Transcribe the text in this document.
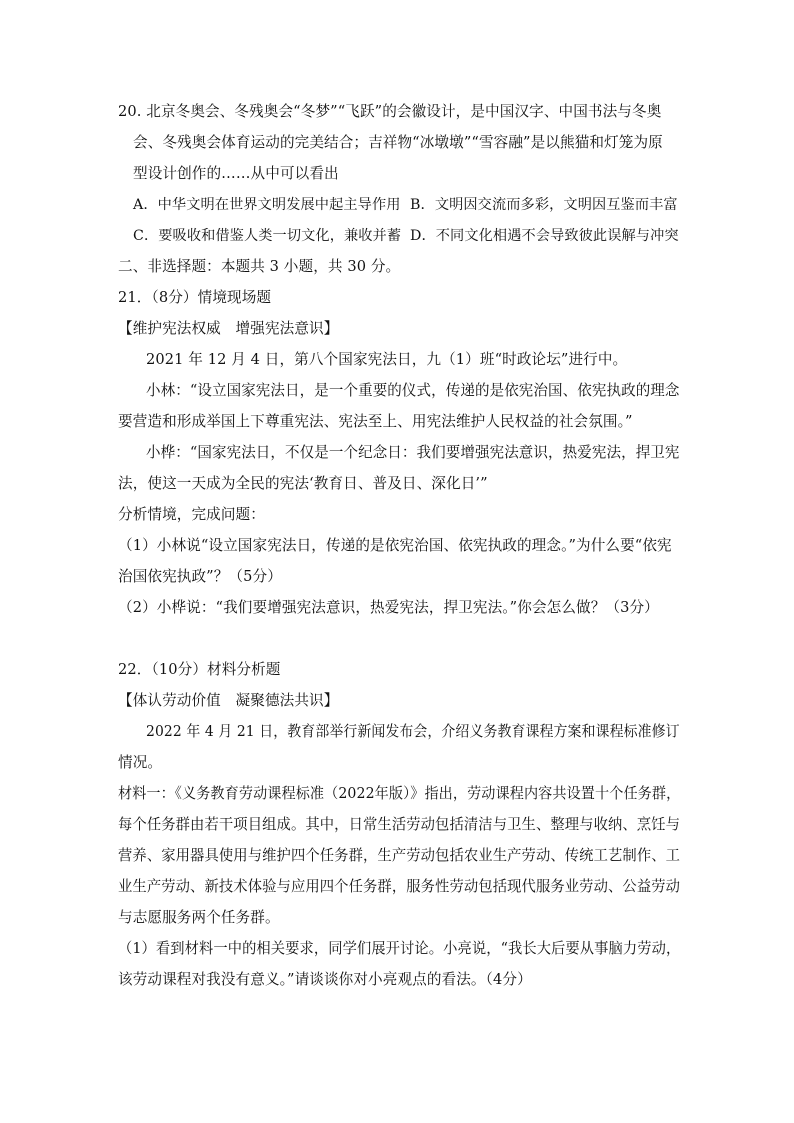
20. 北京冬奥会、冬残奥会“冬梦”“飞跃”的会徽设计，是中国汉字、中国书法与冬奥
会、冬残奥会体育运动的完美结合；吉祥物“冰墩墩”“雪容融”是以熊猫和灯笼为原
型设计创作的……从中可以看出
A．中华文明在世界文明发展中起主导作用 B．文明因交流而多彩，文明因互鉴而丰富
C．要吸收和借鉴人类一切文化，兼收并蓄 D．不同文化相遇不会导致彼此误解与冲突
二、非选择题：本题共 3 小题，共 30 分。
21．（8分）情境现场题
【维护宪法权威　增强宪法意识】
2021 年 12 月 4 日，第八个国家宪法日，九（1）班“时政论坛”进行中。
小林：“设立国家宪法日，是一个重要的仪式，传递的是依宪治国、依宪执政的理念
要营造和形成举国上下尊重宪法、宪法至上、用宪法维护人民权益的社会氛围。”
小桦：“国家宪法日，不仅是一个纪念日：我们要增强宪法意识，热爱宪法，捍卫宪
法，使这一天成为全民的宪法‘教育日、普及日、深化日’”
分析情境，完成问题：
（1）小林说“设立国家宪法日，传递的是依宪治国、依宪执政的理念。”为什么要“依宪
治国依宪执政”？（5分）
（2）小桦说：“我们要增强宪法意识，热爱宪法，捍卫宪法。”你会怎么做？（3分）
22．（10分）材料分析题
【体认劳动价值　凝聚德法共识】
2022 年 4 月 21 日，教育部举行新闻发布会，介绍义务教育课程方案和课程标准修订
情况。
材料一：《义务教育劳动课程标准（2022年版）》指出，劳动课程内容共设置十个任务群，
每个任务群由若干项目组成。其中，日常生活劳动包括清洁与卫生、整理与收纳、烹饪与
营养、家用器具使用与维护四个任务群，生产劳动包括农业生产劳动、传统工艺制作、工
业生产劳动、新技术体验与应用四个任务群，服务性劳动包括现代服务业劳动、公益劳动
与志愿服务两个任务群。
（1）看到材料一中的相关要求，同学们展开讨论。小亮说，“我长大后要从事脑力劳动，
该劳动课程对我没有意义。”请谈谈你对小亮观点的看法。（4分）
